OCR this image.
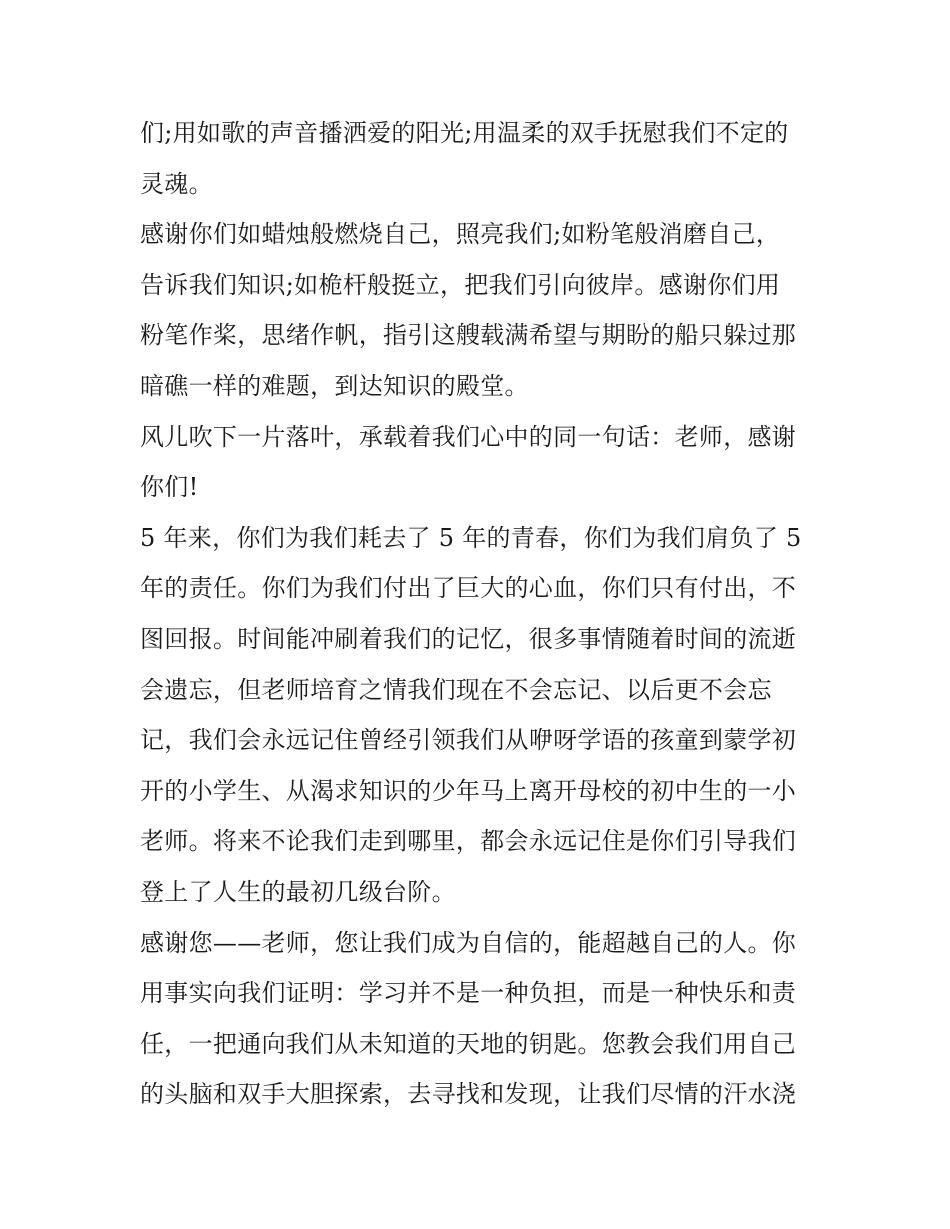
们;用如歌的声音播洒爱的阳光;用温柔的双手抚慰我们不定的
灵魂。
感谢你们如蜡烛般燃烧自己，照亮我们;如粉笔般消磨自己，
告诉我们知识;如桅杆般挺立，把我们引向彼岸。感谢你们用
粉笔作桨，思绪作帆，指引这艘载满希望与期盼的船只躲过那
暗礁一样的难题，到达知识的殿堂。
风儿吹下一片落叶，承载着我们心中的同一句话：老师，感谢
你们!
5 年来，你们为我们耗去了 5 年的青春，你们为我们肩负了 5
年的责任。你们为我们付出了巨大的心血，你们只有付出，不
图回报。时间能冲刷着我们的记忆，很多事情随着时间的流逝
会遗忘，但老师培育之情我们现在不会忘记、以后更不会忘
记，我们会永远记住曾经引领我们从咿呀学语的孩童到蒙学初
开的小学生、从渴求知识的少年马上离开母校的初中生的一小
老师。将来不论我们走到哪里，都会永远记住是你们引导我们
登上了人生的最初几级台阶。
感谢您——老师，您让我们成为自信的，能超越自己的人。你
用事实向我们证明：学习并不是一种负担，而是一种快乐和责
任，一把通向我们从未知道的天地的钥匙。您教会我们用自己
的头脑和双手大胆探索，去寻找和发现，让我们尽情的汗水浇
